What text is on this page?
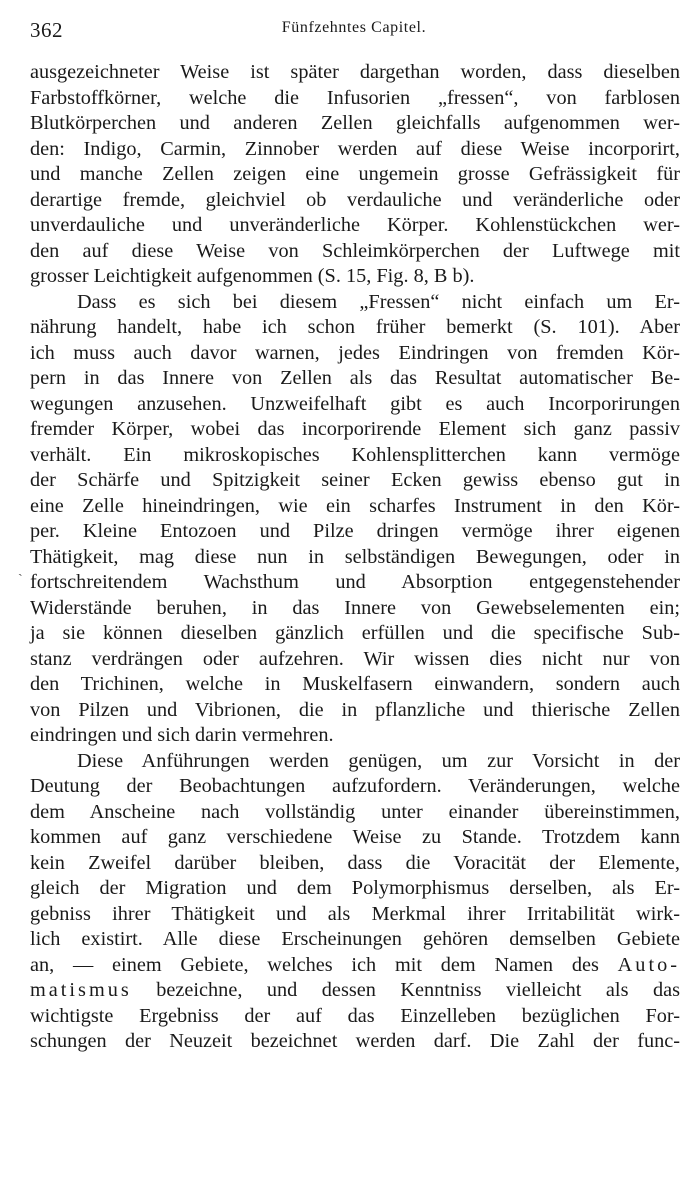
362	Fünfzehntes Capitel.
ˏ
ausgezeichneter Weise ist später dargethan worden, dass dieselben
Farbstoffkörner, welche die Infusorien „fressen“, von farblosen
Blutkörperchen und anderen Zellen gleichfalls aufgenommen wer-
den: Indigo, Carmin, Zinnober werden auf diese Weise incorporirt,
und manche Zellen zeigen eine ungemein grosse Gefrässigkeit für
derartige fremde, gleichviel ob verdauliche und veränderliche oder
unverdauliche und unveränderliche Körper. Kohlenstückchen wer-
den auf diese Weise von Schleimkörperchen der Luftwege mit
grosser Leichtigkeit aufgenommen (S. 15, Fig. 8, B b).
Dass es sich bei diesem „Fressen“ nicht einfach um Er-
nährung handelt, habe ich schon früher bemerkt (S. 101). Aber
ich muss auch davor warnen, jedes Eindringen von fremden Kör-
pern in das Innere von Zellen als das Resultat automatischer Be-
wegungen anzusehen. Unzweifelhaft gibt es auch Incorporirungen
fremder Körper, wobei das incorporirende Element sich ganz passiv
verhält. Ein mikroskopisches Kohlensplitterchen kann vermöge
der Schärfe und Spitzigkeit seiner Ecken gewiss ebenso gut in
eine Zelle hineindringen, wie ein scharfes Instrument in den Kör-
per. Kleine Entozoen und Pilze dringen vermöge ihrer eigenen
Thätigkeit, mag diese nun in selbständigen Bewegungen, oder in
fortschreitendem Wachsthum und Absorption entgegenstehender
Widerstände beruhen, in das Innere von Gewebselementen ein;
ja sie können dieselben gänzlich erfüllen und die specifische Sub-
stanz verdrängen oder aufzehren. Wir wissen dies nicht nur von
den Trichinen, welche in Muskelfasern einwandern, sondern auch
von Pilzen und Vibrionen, die in pflanzliche und thierische Zellen
eindringen und sich darin vermehren.
Diese Anführungen werden genügen, um zur Vorsicht in der
Deutung der Beobachtungen aufzufordern. Veränderungen, welche
dem Anscheine nach vollständig unter einander übereinstimmen,
kommen auf ganz verschiedene Weise zu Stande. Trotzdem kann
kein Zweifel darüber bleiben, dass die Voracität der Elemente,
gleich der Migration und dem Polymorphismus derselben, als Er-
gebniss ihrer Thätigkeit und als Merkmal ihrer Irritabilität wirk-
lich existirt. Alle diese Erscheinungen gehören demselben Gebiete
an, — einem Gebiete, welches ich mit dem Namen des Auto-
matismus bezeichne, und dessen Kenntniss vielleicht als das
wichtigste Ergebniss der auf das Einzelleben bezüglichen For-
schungen der Neuzeit bezeichnet werden darf. Die Zahl der func-
